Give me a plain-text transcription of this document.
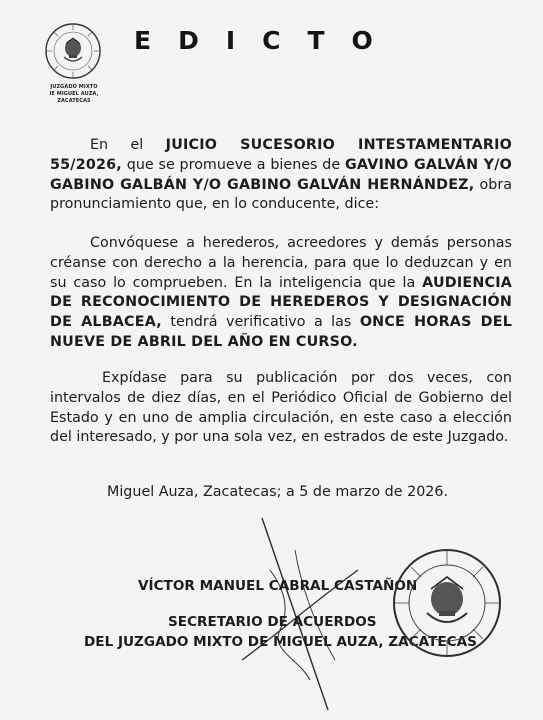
JUZGADO MIXTO
IE MIGUEL AUZA, ZACATECAS
EDICTO

En el JUICIO SUCESORIO INTESTAMENTARIO 55/2026, que se promueve a bienes de GAVINO GALVÁN Y/O GABINO GALBÁN Y/O GABINO GALVÁN HERNÁNDEZ, obra pronunciamiento que, en lo conducente, dice:

Convóquese a herederos, acreedores y demás personas créanse con derecho a la herencia, para que lo deduzcan y en su caso lo comprueben. En la inteligencia que la AUDIENCIA DE RECONOCIMIENTO DE HEREDEROS Y DESIGNACIÓN DE ALBACEA, tendrá verificativo a las ONCE HORAS DEL NUEVE DE ABRIL DEL AÑO EN CURSO.

Expídase para su publicación por dos veces, con intervalos de diez días, en el Periódico Oficial de Gobierno del Estado y en uno de amplia circulación, en este caso a elección del interesado, y por una sola vez, en estrados de este Juzgado.

Miguel Auza, Zacatecas; a 5 de marzo de 2026.
VÍCTOR MANUEL CABRAL CASTAÑÓN
SECRETARIO DE ACUERDOS
DEL JUZGADO MIXTO DE MIGUEL AUZA, ZACATECAS
